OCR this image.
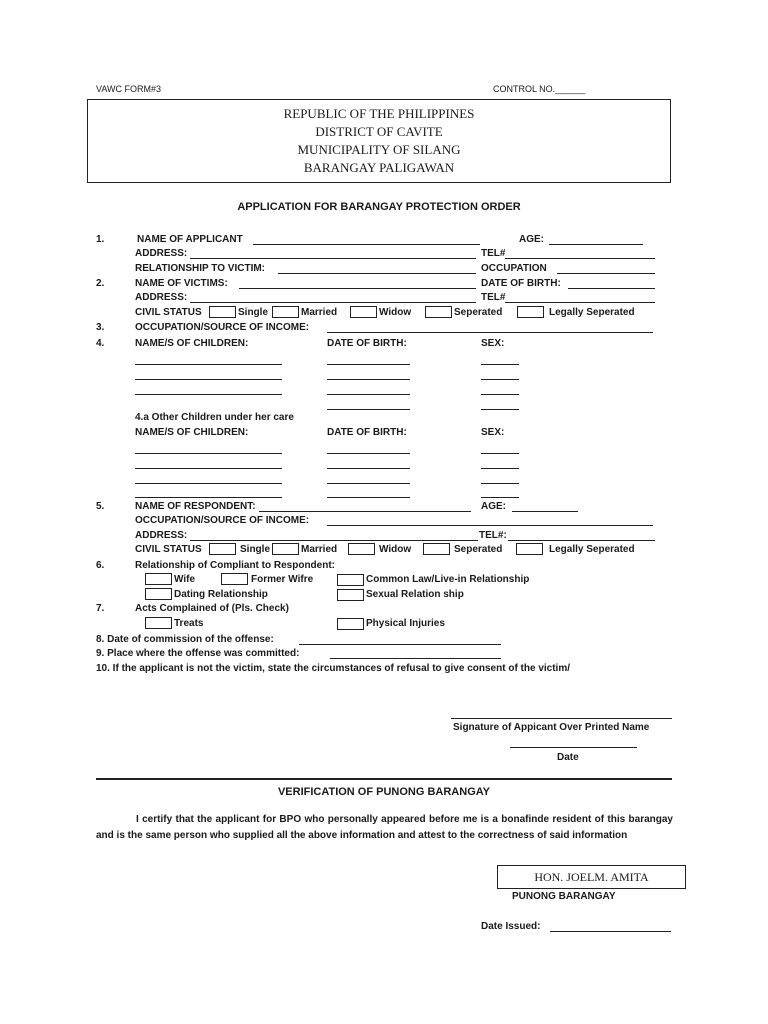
VAWC FORM#3	CONTROL NO.______
REPUBLIC OF THE PHILIPPINES
DISTRICT OF CAVITE
MUNICIPALITY OF SILANG
BARANGAY PALIGAWAN
APPLICATION FOR BARANGAY PROTECTION ORDER
1.	NAME OF APPLICANT	AGE:
ADDRESS:	TEL#
RELATIONSHIP TO VICTIM:	OCCUPATION
2.	NAME OF VICTIMS:	DATE OF BIRTH:
ADDRESS:	TEL#
CIVIL STATUS	Single	Married	Widow	Seperated	Legally Seperated
3.	OCCUPATION/SOURCE OF INCOME:
4.	NAME/S OF CHILDREN:	DATE OF BIRTH:	SEX:
4.a Other Children under her care
NAME/S OF CHILDREN:	DATE OF BIRTH:	SEX:
5.	NAME OF RESPONDENT:	AGE:
OCCUPATION/SOURCE OF INCOME:
ADDRESS:	TEL#:
CIVIL STATUS	Single	Married	Widow	Seperated	Legally Seperated
6.	Relationship of Compliant to Respondent:
Wife	Former Wifre	Common Law/Live-in Relationship
Dating Relationship	Sexual Relation ship
7.	Acts Complained of (Pls. Check)
Treats	Physical Injuries
8. Date of commission of the offense:
9. Place where the offense was committed:
10. If the applicant is not the victim, state the circumstances of refusal to give consent of the victim/
Signature of Appicant Over Printed Name
Date
VERIFICATION OF PUNONG BARANGAY
I certify that the applicant for BPO who personally appeared before me is a bonafinde resident of this barangay and is the same person who supplied all the above information and attest to the correctness of said information
HON. JOELM. AMITA
PUNONG BARANGAY
Date Issued:
